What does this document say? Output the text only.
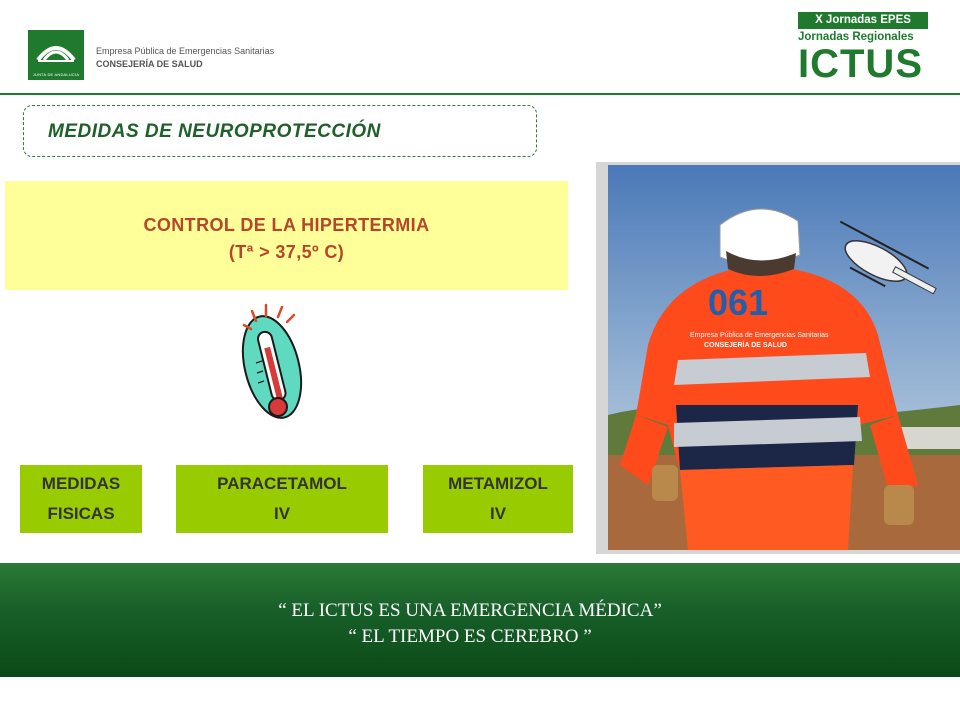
JUNTA DE ANDALUCIA
Empresa Pública de Emergencias Sanitarias
CONSEJERÍA DE SALUD
X Jornadas EPES
Jornadas Regionales
ICTUS
MEDIDAS DE NEUROPROTECCIÓN
CONTROL DE LA HIPERTERMIA
(Tª > 37,5º C)
MEDIDAS
FISICAS
PARACETAMOL
IV
METAMIZOL
IV
061
Empresa Pública de Emergencias Sanitarias
CONSEJERÍA DE SALUD
“ EL ICTUS ES UNA EMERGENCIA MÉDICA”
“ EL TIEMPO ES CEREBRO ”
